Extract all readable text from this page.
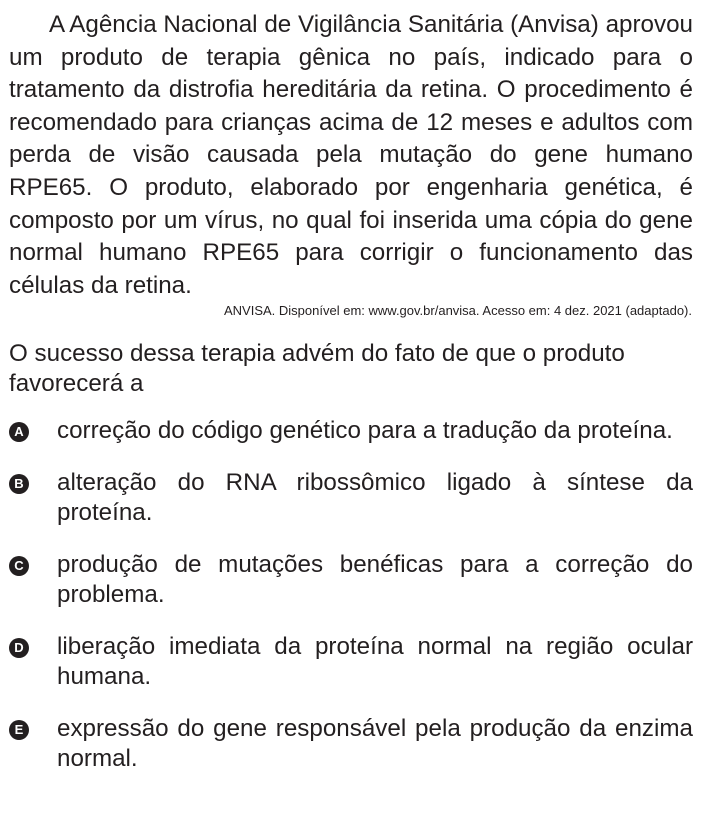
A Agência Nacional de Vigilância Sanitária (Anvisa) aprovou um produto de terapia gênica no país, indicado para o tratamento da distrofia hereditária da retina. O procedimento é recomendado para crianças acima de 12 meses e adultos com perda de visão causada pela mutação do gene humano RPE65. O produto, elaborado por engenharia genética, é composto por um vírus, no qual foi inserida uma cópia do gene normal humano RPE65 para corrigir o funcionamento das células da retina.

ANVISA. Disponível em: www.gov.br/anvisa. Acesso em: 4 dez. 2021 (adaptado).

O sucesso dessa terapia advém do fato de que o produto favorecerá a

A correção do código genético para a tradução da proteína.
B alteração do RNA ribossômico ligado à síntese da proteína.
C produção de mutações benéficas para a correção do problema.
D liberação imediata da proteína normal na região ocular humana.
E expressão do gene responsável pela produção da enzima normal.
